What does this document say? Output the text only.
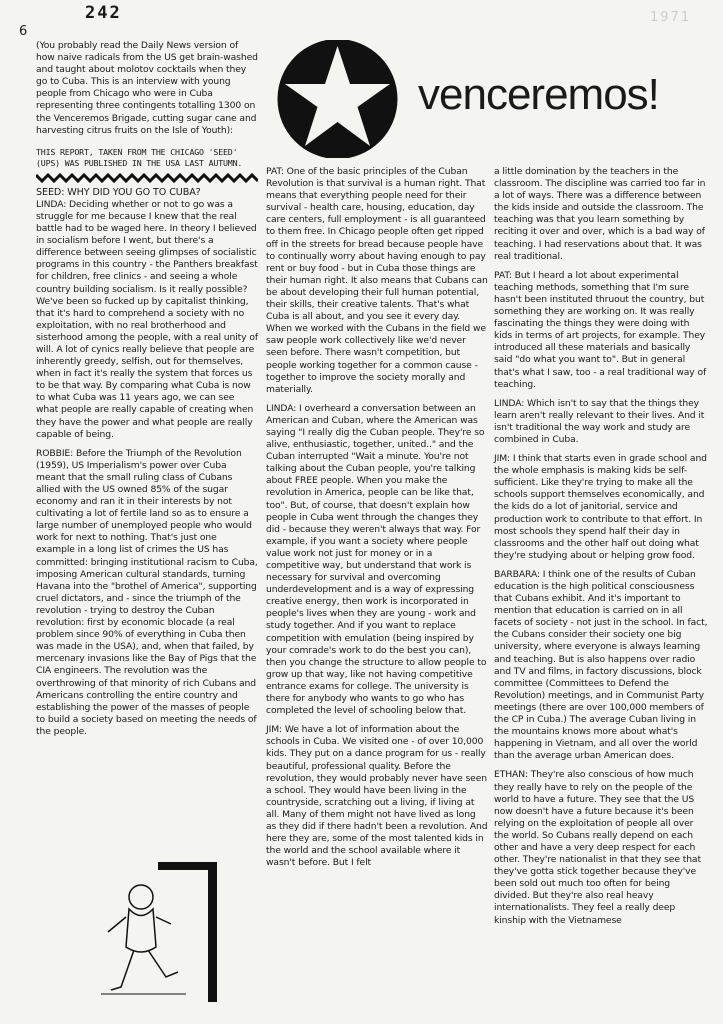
242
6
1971
venceremos!

(You probably read the Daily News version of how naive radicals from the US get brain-washed and taught about molotov cocktails when they go to Cuba. This is an interview with young people from Chicago who were in Cuba representing three contingents totalling 1300 on the Venceremos Brigade, cutting sugar cane and harvesting citrus fruits on the Isle of Youth):

THIS REPORT, TAKEN FROM THE CHICAGO 'SEED' (UPS) WAS PUBLISHED IN THE USA LAST AUTUMN.

SEED: WHY DID YOU GO TO CUBA?

LINDA: Deciding whether or not to go was a struggle for me because I knew that the real battle had to be waged here. In theory I believed in socialism before I went, but there's a difference between seeing glimpses of socialistic programs in this country - the Panthers breakfast for children, free clinics - and seeing a whole country building socialism. Is it really possible? We've been so fucked up by capitalist thinking, that it's hard to comprehend a society with no exploitation, with no real brotherhood and sisterhood among the people, with a real unity of will. A lot of cynics really believe that people are inherently greedy, selfish, out for themselves, when in fact it's really the system that forces us to be that way. By comparing what Cuba is now to what Cuba was 11 years ago, we can see what people are really capable of creating when they have the power and what people are really capable of being.

ROBBIE: Before the Triumph of the Revolution (1959), US Imperialism's power over Cuba meant that the small ruling class of Cubans allied with the US owned 85% of the sugar economy and ran it in their interests by not cultivating a lot of fertile land so as to ensure a large number of unemployed people who would work for next to nothing. That's just one example in a long list of crimes the US has committed: bringing institutional racism to Cuba, imposing American cultural standards, turning Havana into the "brothel of America", supporting cruel dictators, and - since the triumph of the revolution - trying to destroy the Cuban revolution: first by economic blocade (a real problem since 90% of everything in Cuba then was made in the USA), and, when that failed, by mercenary invasions like the Bay of Pigs that the CIA engineers. The revolution was the overthrowing of that minority of rich Cubans and Americans controlling the entire country and establishing the power of the masses of people to build a society based on meeting the needs of the people.

PAT: One of the basic principles of the Cuban Revolution is that survival is a human right. That means that everything people need for their survival - health care, housing, education, day care centers, full employment - is all guaranteed to them free. In Chicago people often get ripped off in the streets for bread because people have to continually worry about having enough to pay rent or buy food - but in Cuba those things are their human right. It also means that Cubans can be about developing their full human potential, their skills, their creative talents. That's what Cuba is all about, and you see it every day. When we worked with the Cubans in the field we saw people work collectively like we'd never seen before. There wasn't competition, but people working together for a common cause - together to improve the society morally and materially.

LINDA: I overheard a conversation between an American and Cuban, where the American was saying "I really dig the Cuban people. They're so alive, enthusiastic, together, united.." and the Cuban interrupted "Wait a minute. You're not talking about the Cuban people, you're talking about FREE people. When you make the revolution in America, people can be like that, too". But, of course, that doesn't explain how people in Cuba went through the changes they did - because they weren't always that way. For example, if you want a society where people value work not just for money or in a competitive way, but understand that work is necessary for survival and overcoming underdevelopment and is a way of expressing creative energy, then work is incorporated in people's lives when they are young - work and study together. And if you want to replace competition with emulation (being inspired by your comrade's work to do the best you can), then you change the structure to allow people to grow up that way, like not having competitive entrance exams for college. The university is there for anybody who wants to go who has completed the level of schooling below that.

JIM: We have a lot of information about the schools in Cuba. We visited one - of over 10,000 kids. They put on a dance program for us - really beautiful, professional quality. Before the revolution, they would probably never have seen a school. They would have been living in the countryside, scratching out a living, if living at all. Many of them might not have lived as long as they did if there hadn't been a revolution. And here they are, some of the most talented kids in the world and the school available where it wasn't before. But I felt

a little domination by the teachers in the classroom. The discipline was carried too far in a lot of ways. There was a difference between the kids inside and outside the classroom. The teaching was that you learn something by reciting it over and over, which is a bad way of teaching. I had reservations about that. It was real traditional.

PAT: But I heard a lot about experimental teaching methods, something that I'm sure hasn't been instituted thruout the country, but something they are working on. It was really fascinating the things they were doing with kids in terms of art projects, for example. They introduced all these materials and basically said "do what you want to". But in general that's what I saw, too - a real traditional way of teaching.

LINDA: Which isn't to say that the things they learn aren't really relevant to their lives. And it isn't traditional the way work and study are combined in Cuba.

JIM: I think that starts even in grade school and the whole emphasis is making kids be self-sufficient. Like they're trying to make all the schools support themselves economically, and the kids do a lot of janitorial, service and production work to contribute to that effort. In most schools they spend half their day in classrooms and the other half out doing what they're studying about or helping grow food.

BARBARA: I think one of the results of Cuban education is the high political consciousness that Cubans exhibit. And it's important to mention that education is carried on in all facets of society - not just in the school. In fact, the Cubans consider their society one big university, where everyone is always learning and teaching. But is also happens over radio and TV and films, in factory discussions, block committee (Committees to Defend the Revolution) meetings, and in Communist Party meetings (there are over 100,000 members of the CP in Cuba.) The average Cuban living in the mountains knows more about what's happening in Vietnam, and all over the world than the average urban American does.

ETHAN: They're also conscious of how much they really have to rely on the people of the world to have a future. They see that the US now doesn't have a future because it's been relying on the exploitation of people all over the world. So Cubans really depend on each other and have a very deep respect for each other. They're nationalist in that they see that they've gotta stick together because they've been sold out much too often for being divided. But they're also real heavy internationalists. They feel a really deep kinship with the Vietnamese
